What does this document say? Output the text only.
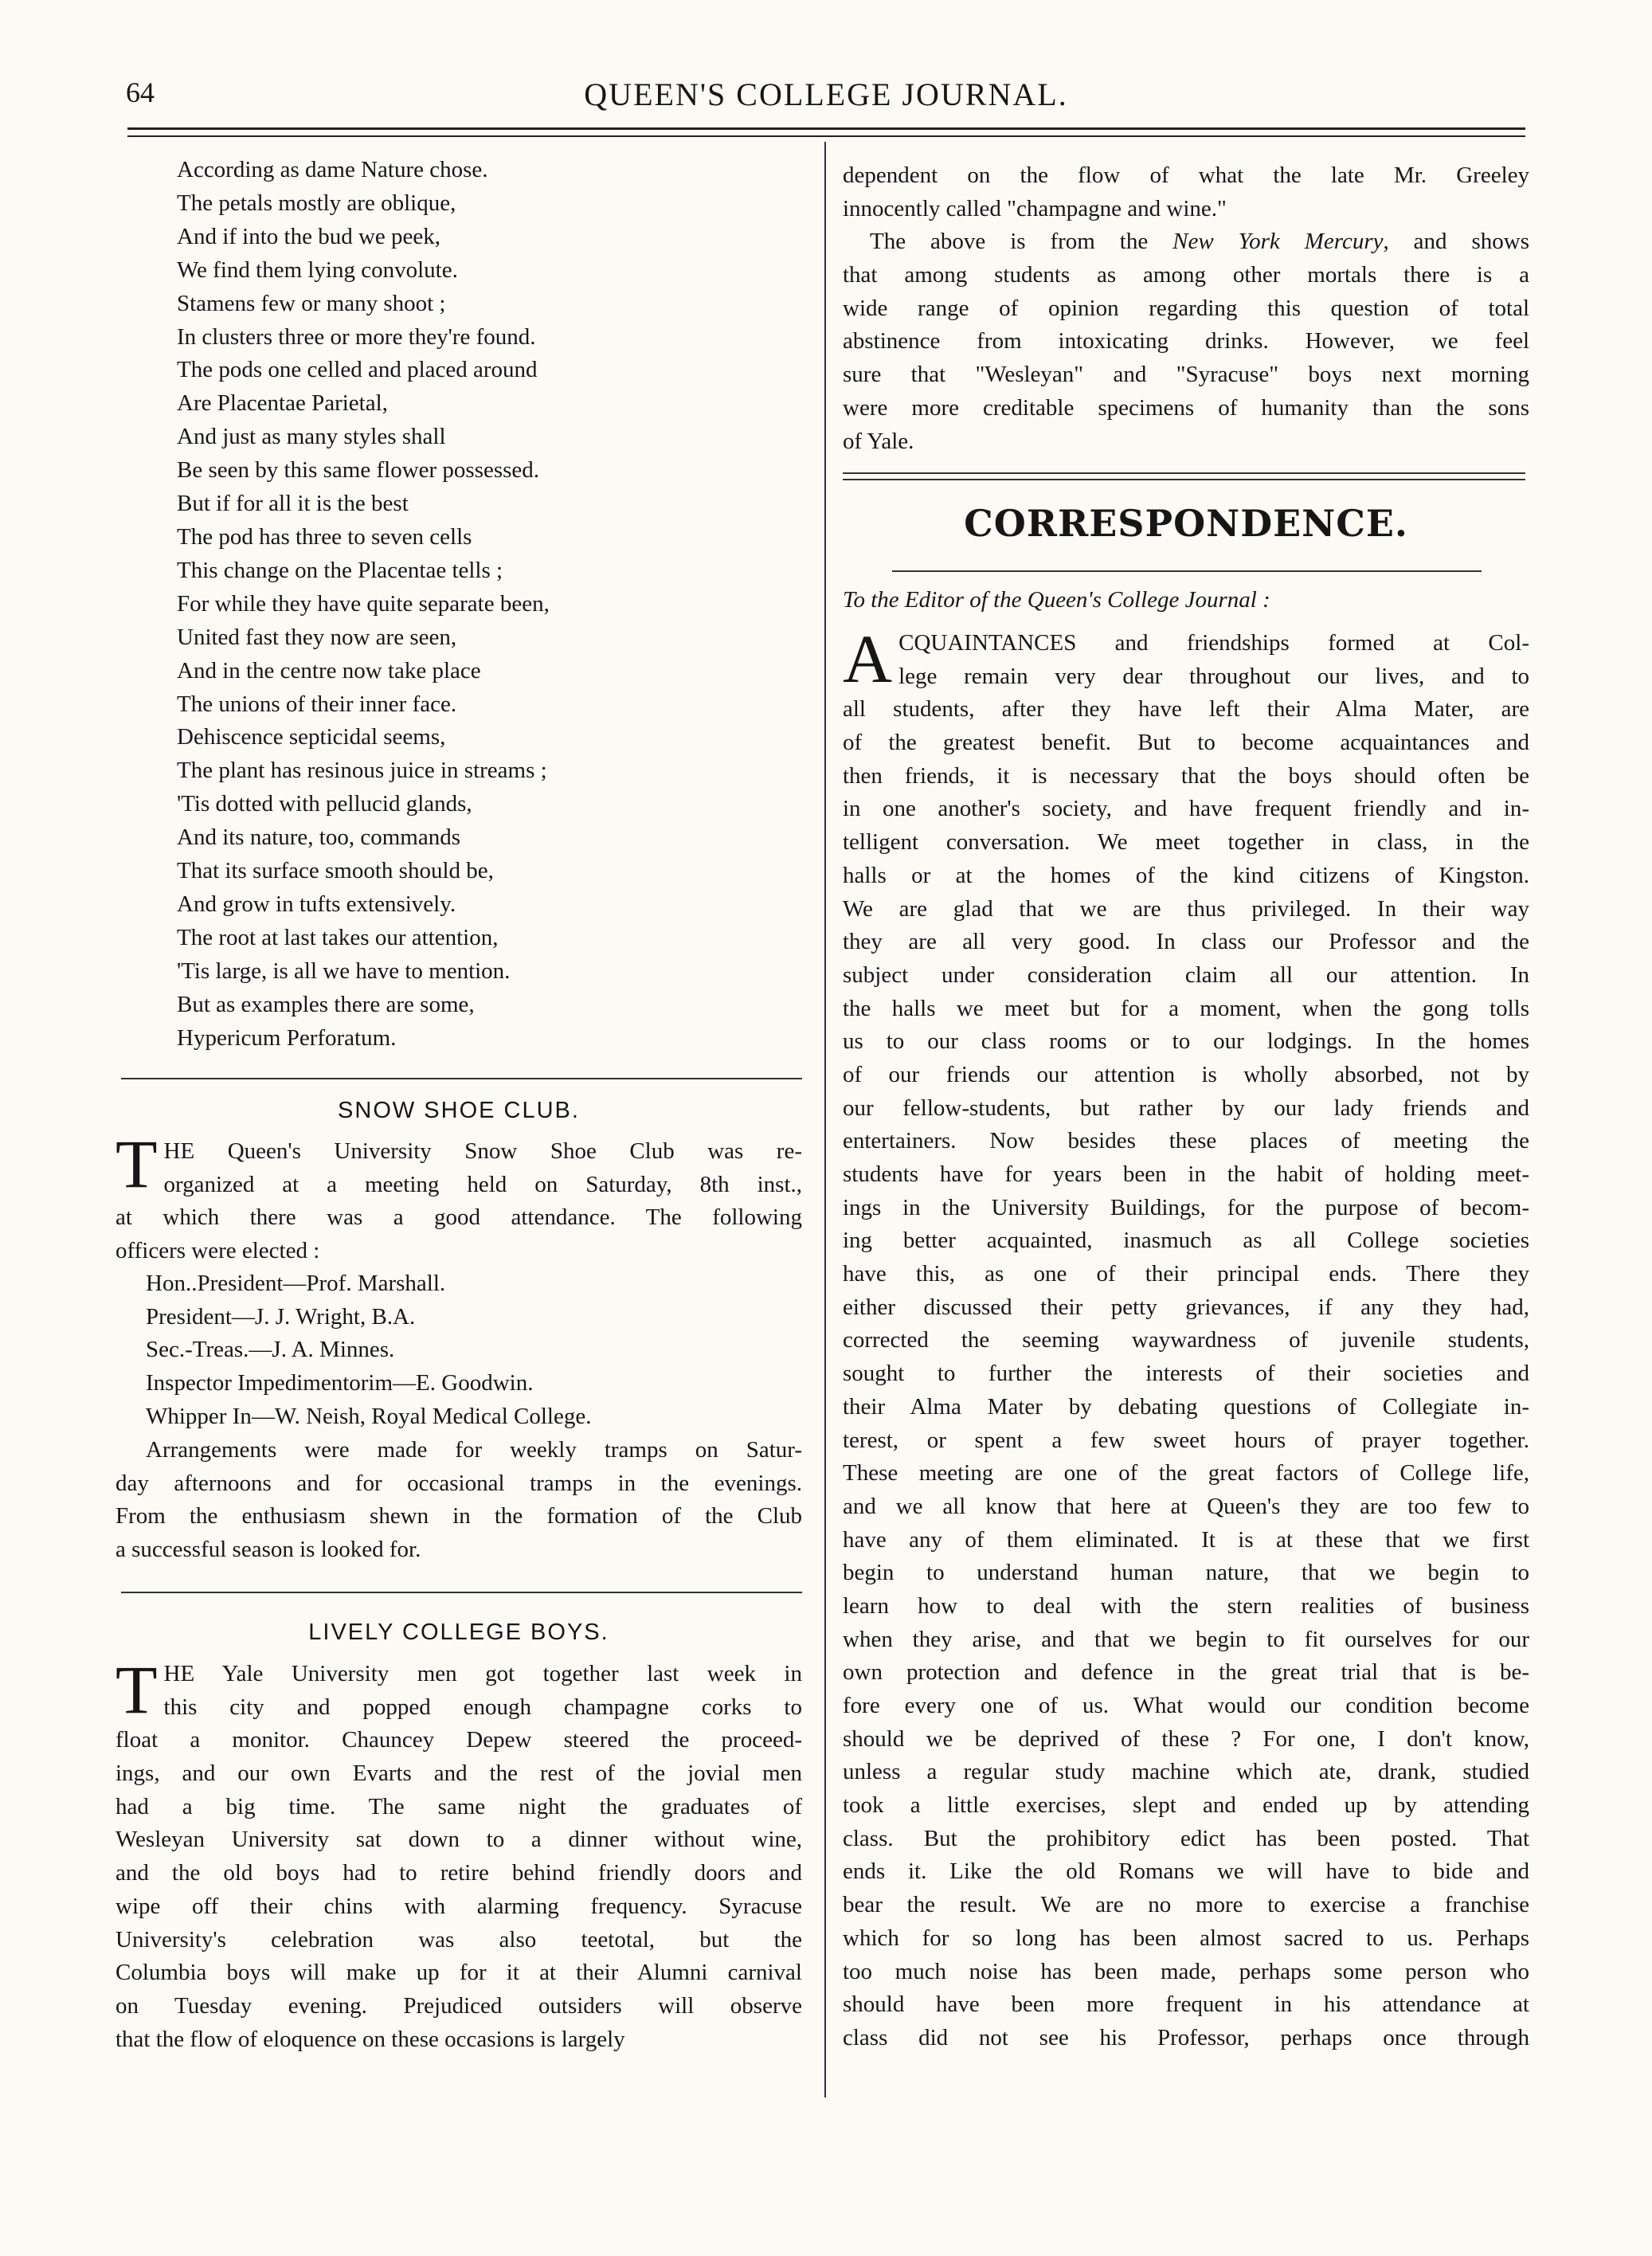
64	QUEEN'S COLLEGE JOURNAL.
According as dame Nature chose.
The petals mostly are oblique,
And if into the bud we peek,
We find them lying convolute.
Stamens few or many shoot ;
In clusters three or more they're found.
The pods one celled and placed around
Are Placentae Parietal,
And just as many styles shall
Be seen by this same flower possessed.
But if for all it is the best
The pod has three to seven cells
This change on the Placentae tells ;
For while they have quite separate been,
United fast they now are seen,
And in the centre now take place
The unions of their inner face.
Dehiscence septicidal seems,
The plant has resinous juice in streams ;
'Tis dotted with pellucid glands,
And its nature, too, commands
That its surface smooth should be,
And grow in tufts extensively.
The root at last takes our attention,
'Tis large, is all we have to mention.
But as examples there are some,
Hypericum Perforatum.
SNOW SHOE CLUB.
T HE Queen's University Snow Shoe Club was re-
organized at a meeting held on Saturday, 8th inst.,
at which there was a good attendance. The following
officers were elected :
Hon..President—Prof. Marshall.
President—J. J. Wright, B.A.
Sec.-Treas.—J. A. Minnes.
Inspector Impedimentorim—E. Goodwin.
Whipper In—W. Neish, Royal Medical College.
Arrangements were made for weekly tramps on Satur-
day afternoons and for occasional tramps in the evenings.
From the enthusiasm shewn in the formation of the Club
a successful season is looked for.
LIVELY COLLEGE BOYS.
T HE Yale University men got together last week in
this city and popped enough champagne corks to
float a monitor. Chauncey Depew steered the proceed-
ings, and our own Evarts and the rest of the jovial men
had a big time. The same night the graduates of
Wesleyan University sat down to a dinner without wine,
and the old boys had to retire behind friendly doors and
wipe off their chins with alarming frequency. Syracuse
University's celebration was also teetotal, but the
Columbia boys will make up for it at their Alumni carnival
on Tuesday evening. Prejudiced outsiders will observe
that the flow of eloquence on these occasions is largely
dependent on the flow of what the late Mr. Greeley
innocently called "champagne and wine."
The above is from the New York Mercury, and shows
that among students as among other mortals there is a
wide range of opinion regarding this question of total
abstinence from intoxicating drinks. However, we feel
sure that "Wesleyan" and "Syracuse" boys next morning
were more creditable specimens of humanity than the sons
of Yale.
CORRESPONDENCE.
To the Editor of the Queen's College Journal :
A CQUAINTANCES and friendships formed at Col-
lege remain very dear throughout our lives, and to
all students, after they have left their Alma Mater, are
of the greatest benefit. But to become acquaintances and
then friends, it is necessary that the boys should often be
in one another's society, and have frequent friendly and in-
telligent conversation. We meet together in class, in the
halls or at the homes of the kind citizens of Kingston.
We are glad that we are thus privileged. In their way
they are all very good. In class our Professor and the
subject under consideration claim all our attention. In
the halls we meet but for a moment, when the gong tolls
us to our class rooms or to our lodgings. In the homes
of our friends our attention is wholly absorbed, not by
our fellow-students, but rather by our lady friends and
entertainers. Now besides these places of meeting the
students have for years been in the habit of holding meet-
ings in the University Buildings, for the purpose of becom-
ing better acquainted, inasmuch as all College societies
have this, as one of their principal ends. There they
either discussed their petty grievances, if any they had,
corrected the seeming waywardness of juvenile students,
sought to further the interests of their societies and
their Alma Mater by debating questions of Collegiate in-
terest, or spent a few sweet hours of prayer together.
These meeting are one of the great factors of College life,
and we all know that here at Queen's they are too few to
have any of them eliminated. It is at these that we first
begin to understand human nature, that we begin to
learn how to deal with the stern realities of business
when they arise, and that we begin to fit ourselves for our
own protection and defence in the great trial that is be-
fore every one of us. What would our condition become
should we be deprived of these ? For one, I don't know,
unless a regular study machine which ate, drank, studied
took a little exercises, slept and ended up by attending
class. But the prohibitory edict has been posted. That
ends it. Like the old Romans we will have to bide and
bear the result. We are no more to exercise a franchise
which for so long has been almost sacred to us. Perhaps
too much noise has been made, perhaps some person who
should have been more frequent in his attendance at
class did not see his Professor, perhaps once through
